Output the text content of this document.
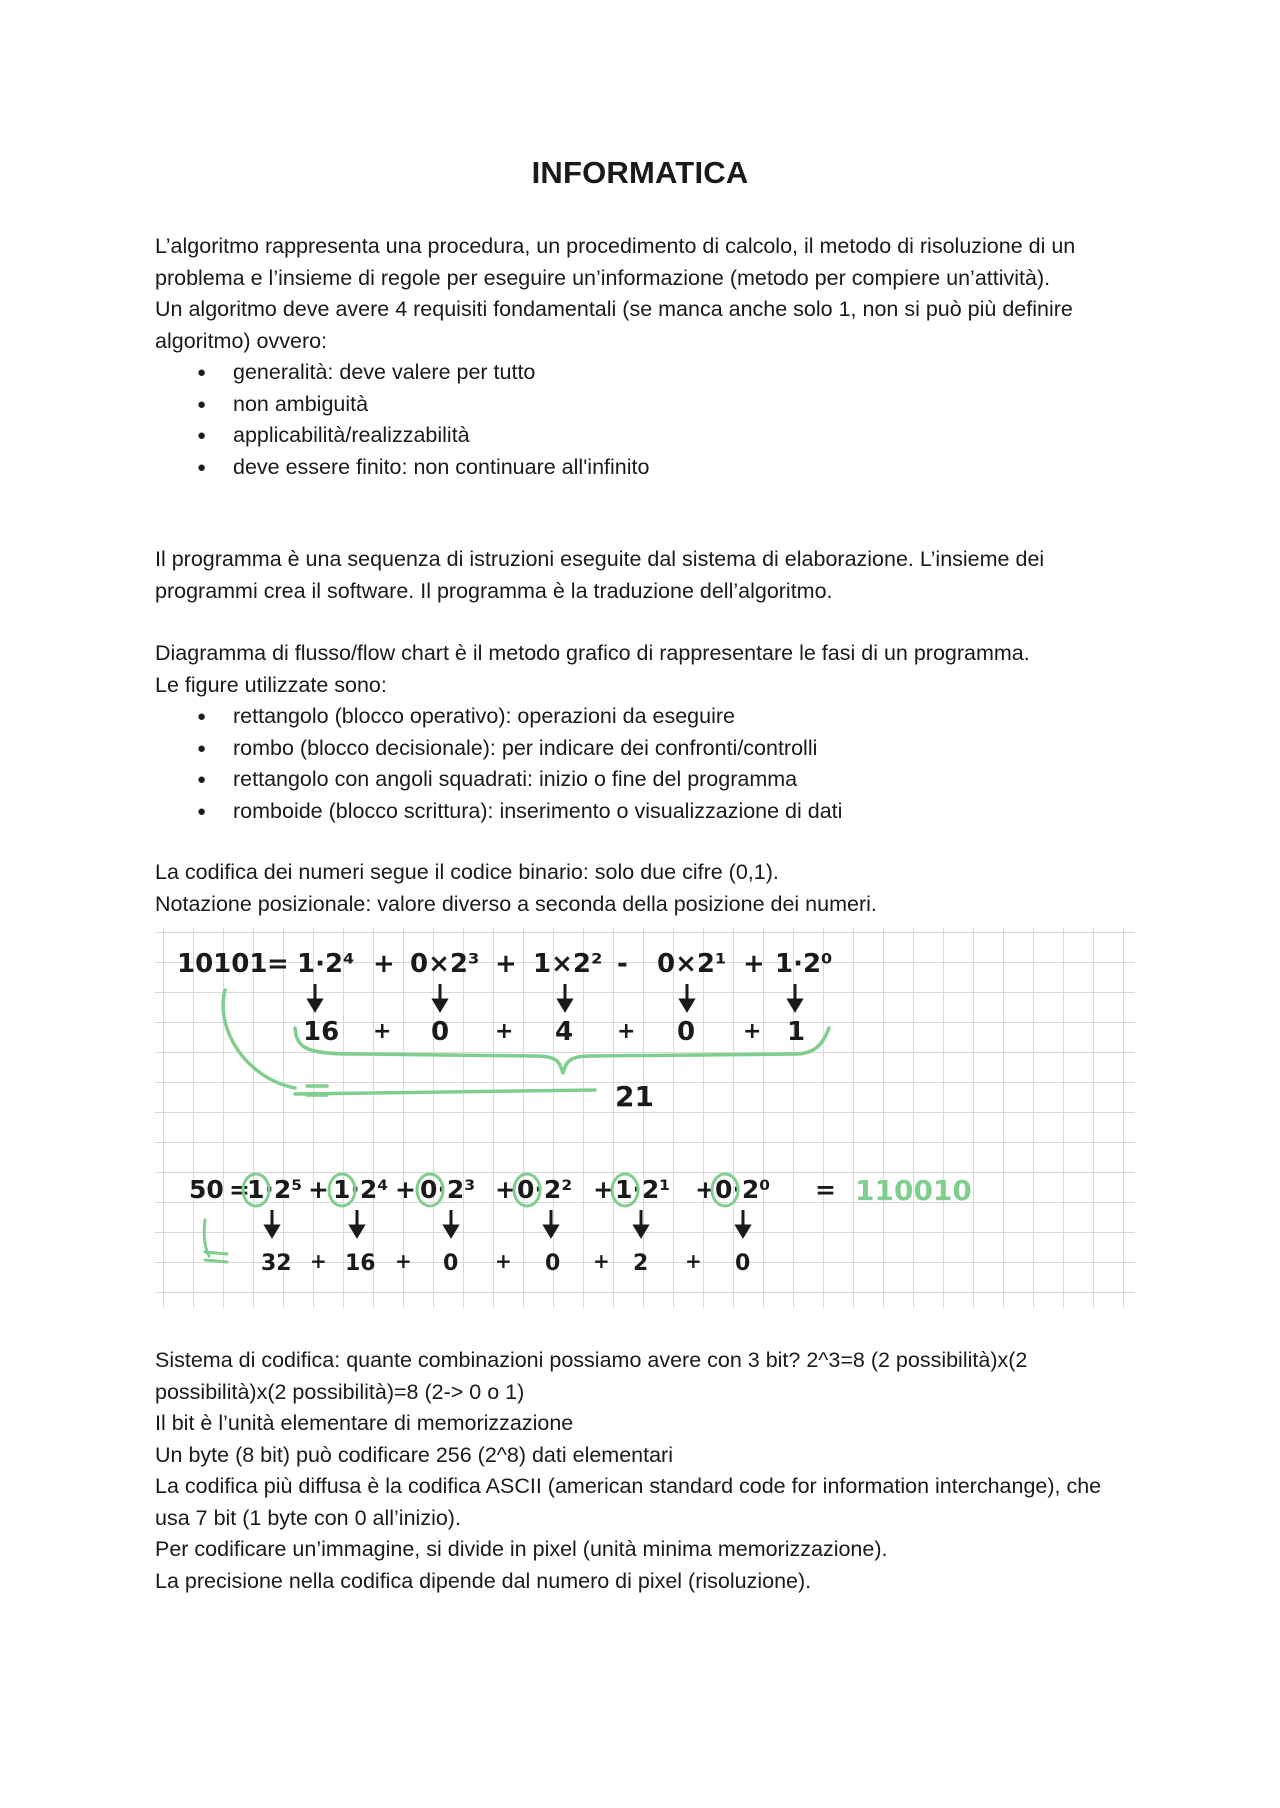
INFORMATICA

L’algoritmo rappresenta una procedura, un procedimento di calcolo, il metodo di risoluzione di un problema e l’insieme di regole per eseguire un’informazione (metodo per compiere un’attività).

Un algoritmo deve avere 4 requisiti fondamentali (se manca anche solo 1, non si può più definire algoritmo) ovvero:

● generalità: deve valere per tutto
● non ambiguità
● applicabilità/realizzabilità
● deve essere finito: non continuare all'infinito

Il programma è una sequenza di istruzioni eseguite dal sistema di elaborazione. L’insieme dei programmi crea il software. Il programma è la traduzione dell’algoritmo.

Diagramma di flusso/flow chart è il metodo grafico di rappresentare le fasi di un programma.

Le figure utilizzate sono:

● rettangolo (blocco operativo): operazioni da eseguire
● rombo (blocco decisionale): per indicare dei confronti/controlli
● rettangolo con angoli squadrati: inizio o fine del programma
● romboide (blocco scrittura): inserimento o visualizzazione di dati

La codifica dei numeri segue il codice binario: solo due cifre (0,1).

Notazione posizionale: valore diverso a seconda della posizione dei numeri.

10101 = 1·2⁴ + 0×2³ + 1×2² - 0×2¹ + 1·2⁰
16 + 0 + 4 + 0 + 1
21
50 =
1·2⁵ + 1·2⁴ + 0·2³ + 0·2² + 1·2¹ + 0·2⁰ =
32 + 16 + 0 + 0 + 2 + 0
110010

Sistema di codifica: quante combinazioni possiamo avere con 3 bit? 2^3=8 (2 possibilità)x(2 possibilità)x(2 possibilità)=8 (2-> 0 o 1)

Il bit è l’unità elementare di memorizzazione

Un byte (8 bit) può codificare 256 (2^8) dati elementari

La codifica più diffusa è la codifica ASCII (american standard code for information interchange), che usa 7 bit (1 byte con 0 all’inizio).

Per codificare un’immagine, si divide in pixel (unità minima memorizzazione).

La precisione nella codifica dipende dal numero di pixel (risoluzione).
